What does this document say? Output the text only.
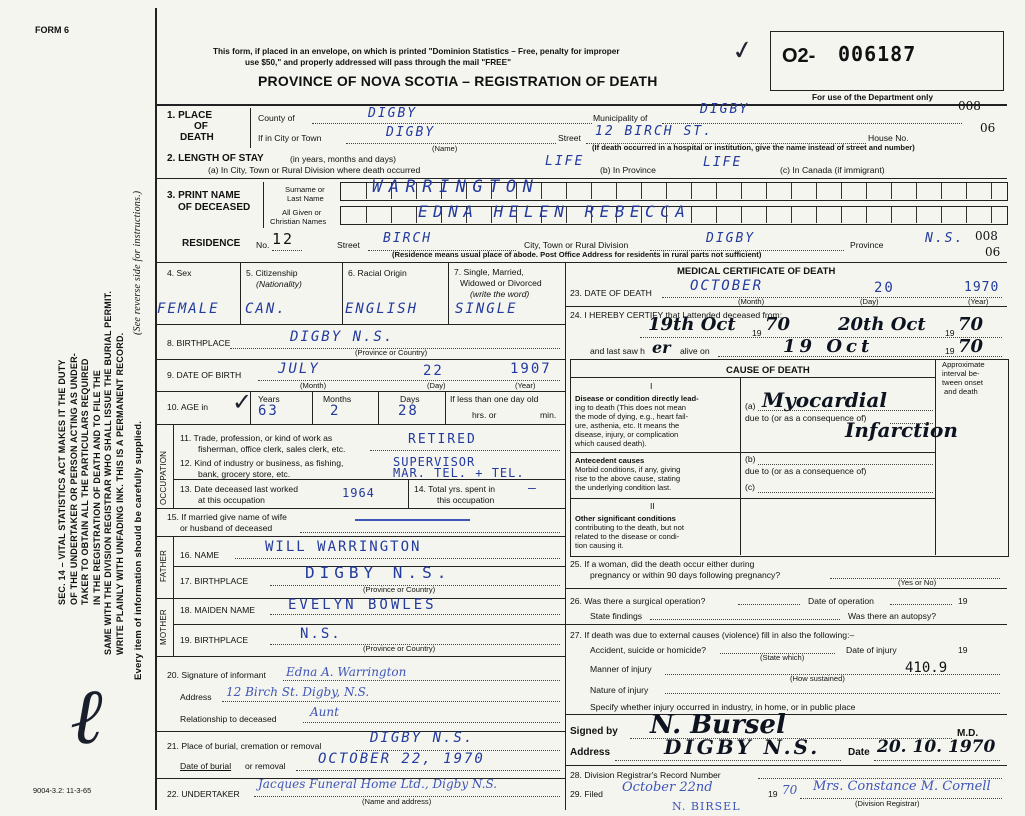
FORM 6
This form, if placed in an envelope, on which is printed "Dominion Statistics – Free, penalty for improper
use $50," and properly addressed will pass through the mail "FREE"
PROVINCE OF NOVA SCOTIA – REGISTRATION OF DEATH
✓ O2- 006187
For use of the Department only
SEC. 14 – VITAL STATISTICS ACT MAKES IT THE DUTY OF THE UNDERTAKER OR PERSON ACTING AS UNDER- TAKER TO OBTAIN ALL THE PARTICULARS REQUIRED IN THE REGISTRATION OF DEATH AND TO FILE THE SAME WITH THE DIVISION REGISTRAR WHO SHALL ISSUE THE BURIAL PERMIT. WRITE PLAINLY WITH UNFADING INK. THIS IS A PERMANENT RECORD.
(See reverse side for instructions.)
Every item of information should be carefully supplied.
ℓ
9004-3.2: 11-3-65
1. PLACE
OF
DEATH
County of	DIGBY	Municipality of
DIGBY	008
If in City or Town	DIGBY
(Name)
Street 12 BIRCH ST.	House No.
06
(If death occurred in a hospital or institution, give the name instead of street and number)
2. LENGTH OF STAY	(in years, months and days)
(a) In City, Town or Rural Division where death occurred
LIFE
(b) In Province	LIFE	(c) In Canada (if immigrant)
3. PRINT NAME
OF DECEASED
Surname or
Last Name
All Given or
Christian Names
WARRINGTON
EDNA HELEN REBECCA
RESIDENCE No. 12	Street BIRCH	City, Town or Rural Division	DIGBY	Province	N.S. 008
06
(Residence means usual place of abode. Post Office Address for residents in rural parts not sufficient)
4. Sex	5. Citizenship
(Nationality)
6. Racial Origin	7. Single, Married,
Widowed or Divorced
(write the word)
FEMALE CAN.	ENGLISH	SINGLE
8. BIRTHPLACE	DIGBY N.S.
(Province or Country)
9. DATE OF BIRTH	JULY	22	1907
(Month)	(Day)	(Year)
10. AGE in ✓ Years
63
Months
2
Days
28
If less than one day old
hrs. or	min.
OCCUPATION
11. Trade, profession, or kind of work as
fisherman, office clerk, sales clerk, etc.
RETIRED
12. Kind of industry or business, as fishing,
bank, grocery store, etc.
SUPERVISOR
MAR. TEL. + TEL.
13. Date deceased last worked
at this occupation	1964	14. Total yrs. spent in
this occupation
—
15. If married give name of wife
or husband of deceased
FATHER 16. NAME	WILL WARRINGTON
17. BIRTHPLACE	DIGBY N.S.
(Province or Country)
MOTHER 18. MAIDEN NAME EVELYN BOWLES
19. BIRTHPLACE	N.S.
(Province or Country)
20. Signature of informant Edna A. Warrington
Address 12 Birch St. Digby, N.S.
Relationship to deceased	Aunt
21. Place of burial, cremation or removal	DIGBY N.S.
Date of burial or removal OCTOBER 22, 1970
22. UNDERTAKER
Jacques Funeral Home Ltd., Digby N.S.
(Name and address)
MEDICAL CERTIFICATE OF DEATH
23. DATE OF DEATH	OCTOBER	20	1970
(Month)	(Day)	(Year)
24. I HEREBY CERTIFY that I attended deceased from:
19th Oct 19 70	20th Oct 19 70
and last saw h er alive on	19 Oct	19 70
CAUSE OF DEATH
Approximate
interval be-
tween onset
and death
I
Disease or condition directly lead-
ing to death (This does not mean
the mode of dying, e.g., heart fail-
ure, asthenia, etc. It means the
disease, injury, or complication
which caused death).
(a) Myocardial
due to (or as a consequence of)
Infarction
Antecedent causes
Morbid conditions, if any, giving
rise to the above cause, stating
the underlying condition last.
(b)
due to (or as a consequence of)
(c)
II
Other significant conditions
contributing to the death, but not
related to the disease or condi-
tion causing it.
25. If a woman, did the death occur either during
pregnancy or within 90 days following pregnancy?
(Yes or No)
26. Was there a surgical operation?	Date of operation	19
State findings	Was there an autopsy?
27. If death was due to external causes (violence) fill in also the following:–
Accident, suicide or homicide?
(State which)
Date of injury	19
Manner of injury	410.9
(How sustained)
Nature of injury
Specify whether injury occurred in industry, in home, or in public place
Signed by N. Bursel	M.D.
Address	DIGBY N.S.	Date 20. 10. 1970
28. Division Registrar's Record Number
29. Filed October 22nd	19 70 Mrs. Constance M. Cornell
(Division Registrar)
N. BIRSEL
